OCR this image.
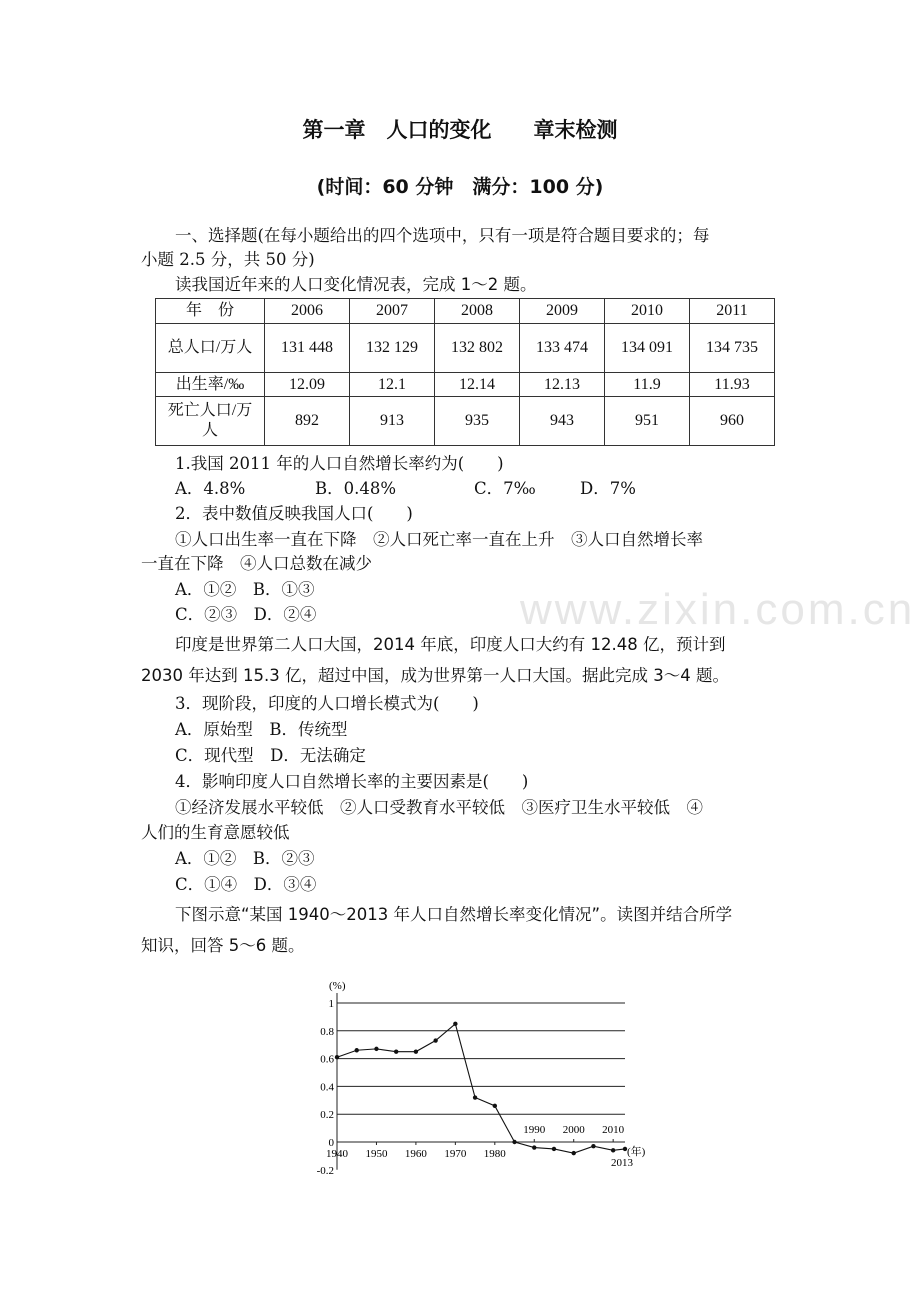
第一章　人口的变化　　章末检测
(时间：60 分钟　满分：100 分)
一、选择题(在每小题给出的四个选项中，只有一项是符合题目要求的；每
小题 2.5 分，共 50 分)
读我国近年来的人口变化情况表，完成 1～2 题。
年　份	2006	2007	2008	2009	2010	2011
总人口/万人	131 448	132 129	132 802	133 474	134 091	134 735
出生率/‰	12.09	12.1	12.14	12.13	11.9	11.93
死亡人口/万人	892	913	935	943	951	960
1.我国 2011 年的人口自然增长率约为(　　)
A．4.8%	B．0.48%	C．7‰	D．7%
2．表中数值反映我国人口(　　)
①人口出生率一直在下降　②人口死亡率一直在上升　③人口自然增长率
一直在下降　④人口总数在减少
A．①②　B．①③
C．②③　D．②④	www.zixin.com.cn
印度是世界第二人口大国，2014 年底，印度人口大约有 12.48 亿，预计到
2030 年达到 15.3 亿，超过中国，成为世界第一人口大国。据此完成 3～4 题。
3．现阶段，印度的人口增长模式为(　　)
A．原始型　B．传统型
C．现代型　D．无法确定
4．影响印度人口自然增长率的主要因素是(　　)
①经济发展水平较低　②人口受教育水平较低　③医疗卫生水平较低　④
人们的生育意愿较低
A．①②　B．②③
C．①④　D．③④
下图示意“某国 1940～2013 年人口自然增长率变化情况”。读图并结合所学
知识，回答 5～6 题。
1
0.8
0.6
0.4
0.2
0
-0.2
(%)
1940 1950 1960 1970 1980
1990 2000 2010
2013
(年)
